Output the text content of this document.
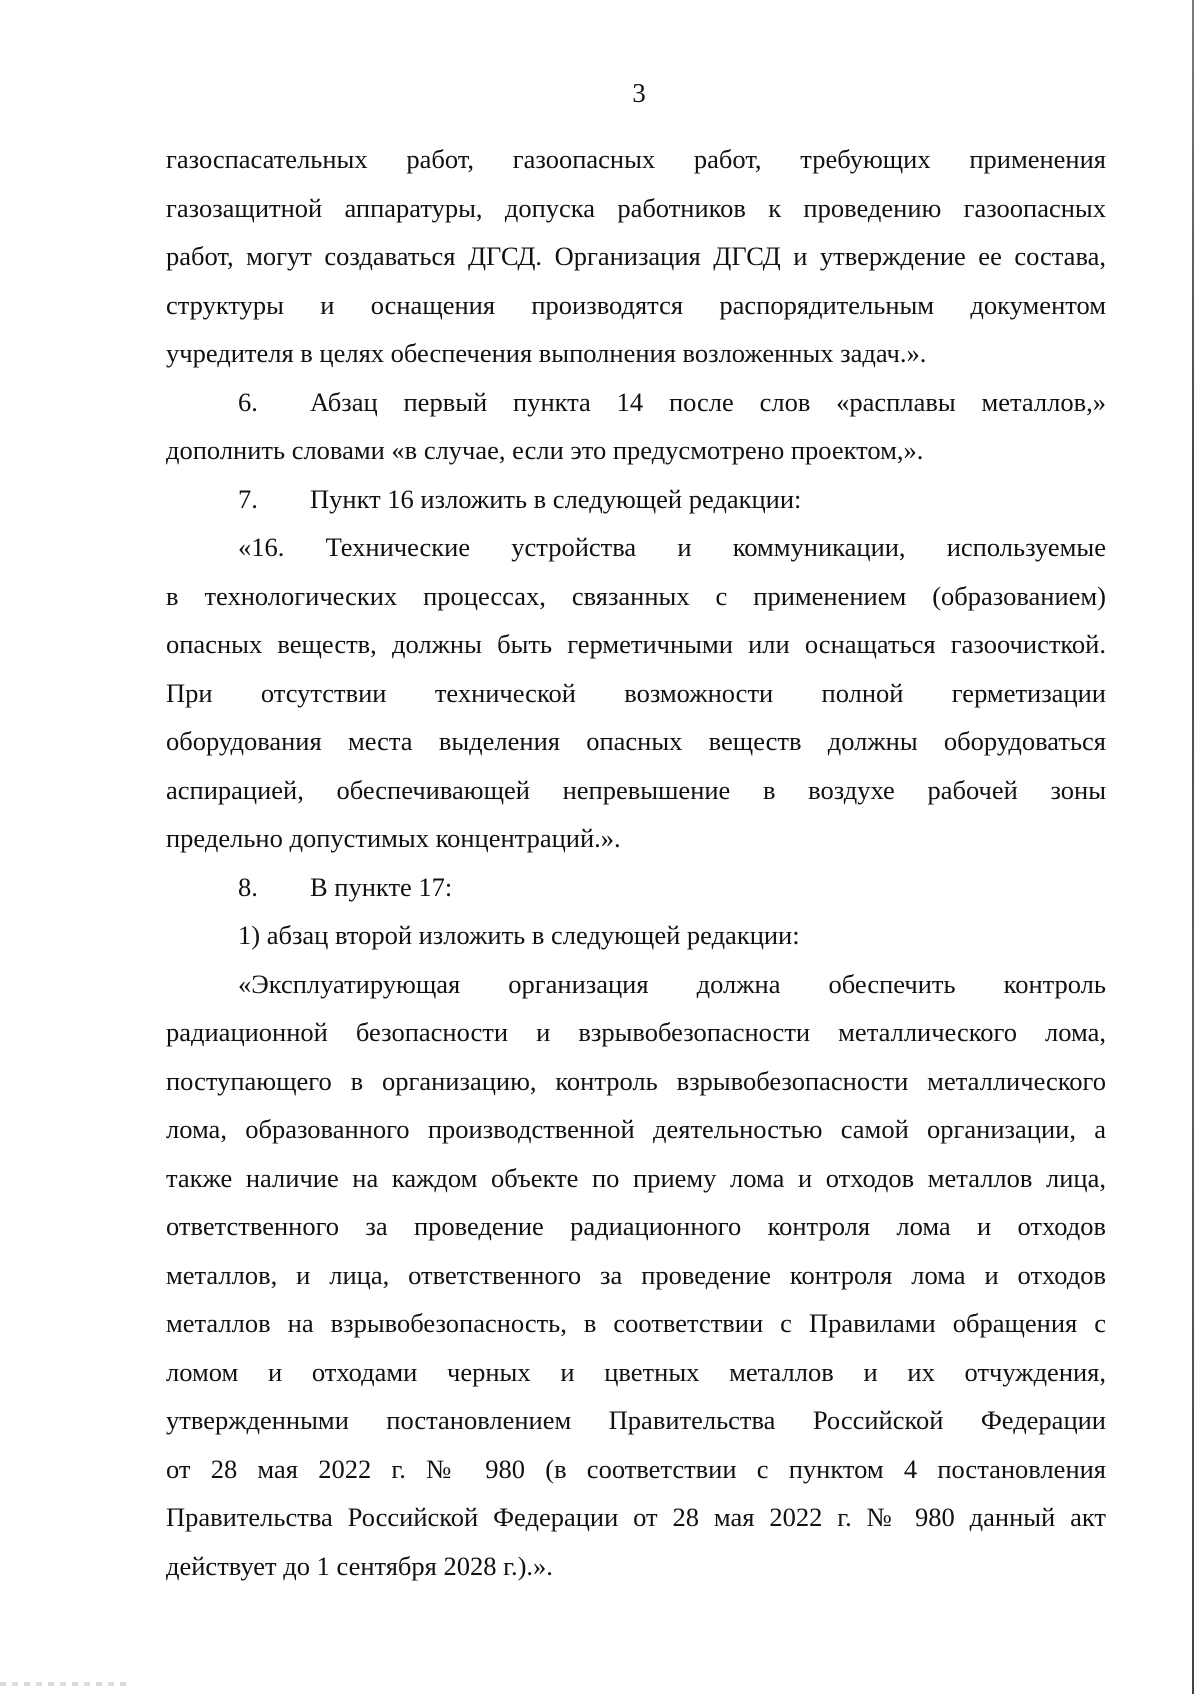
3
газоспасательных работ, газоопасных работ, требующих применения
газозащитной аппаратуры, допуска работников к проведению газоопасных
работ, могут создаваться ДГСД. Организация ДГСД и утверждение ее состава,
структуры и оснащения производятся распорядительным документом
учредителя в целях обеспечения выполнения возложенных задач.».
6.	Абзац первый пункта 14 после слов «расплавы металлов,»
дополнить словами «в случае, если это предусмотрено проектом,».
7.	Пункт 16 изложить в следующей редакции:
«16. Технические устройства и коммуникации, используемые
в технологических процессах, связанных с применением (образованием)
опасных веществ, должны быть герметичными или оснащаться газоочисткой.
При отсутствии технической возможности полной герметизации
оборудования места выделения опасных веществ должны оборудоваться
аспирацией, обеспечивающей непревышение в воздухе рабочей зоны
предельно допустимых концентраций.».
8.	В пункте 17:
1) абзац второй изложить в следующей редакции:
«Эксплуатирующая организация должна обеспечить контроль
радиационной безопасности и взрывобезопасности металлического лома,
поступающего в организацию, контроль взрывобезопасности металлического
лома, образованного производственной деятельностью самой организации, а
также наличие на каждом объекте по приему лома и отходов металлов лица,
ответственного за проведение радиационного контроля лома и отходов
металлов, и лица, ответственного за проведение контроля лома и отходов
металлов на взрывобезопасность, в соответствии с Правилами обращения с
ломом и отходами черных и цветных металлов и их отчуждения,
утвержденными постановлением Правительства Российской Федерации
от 28 мая 2022 г. № 980 (в соответствии с пунктом 4 постановления
Правительства Российской Федерации от 28 мая 2022 г. № 980 данный акт
действует до 1 сентября 2028 г.).».
